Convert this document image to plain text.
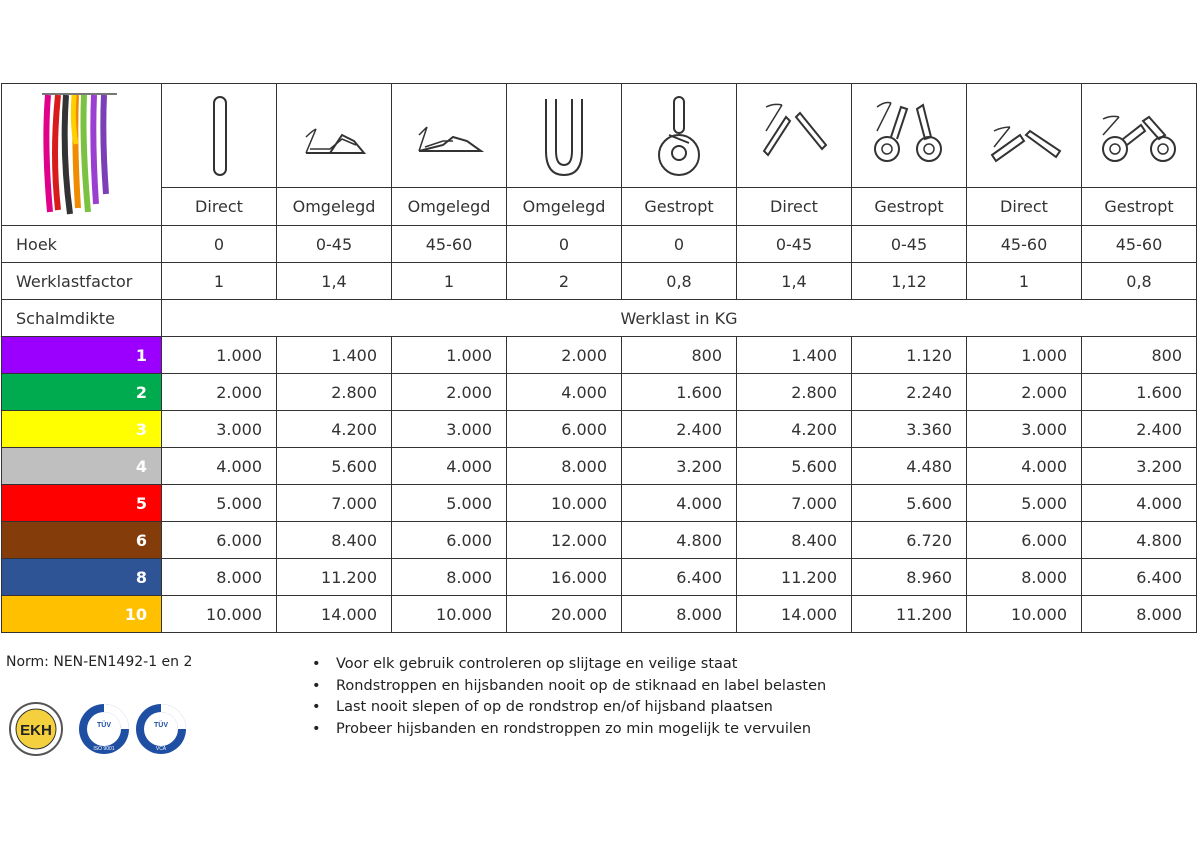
	Direct	Omgelegd	Omgelegd	Omgelegd	Gestropt	Direct	Gestropt	Direct	Gestropt
Hoek	0	0-45	45-60	0	0	0-45	0-45	45-60	45-60
Werklastfactor	1	1,4	1	2	0,8	1,4	1,12	1	0,8
Schalmdikte	Werklast in KG								
1	1.000	1.400	1.000	2.000	800	1.400	1.120	1.000	800
2	2.000	2.800	2.000	4.000	1.600	2.800	2.240	2.000	1.600
3	3.000	4.200	3.000	6.000	2.400	4.200	3.360	3.000	2.400
4	4.000	5.600	4.000	8.000	3.200	5.600	4.480	4.000	3.200
5	5.000	7.000	5.000	10.000	4.000	7.000	5.600	5.000	4.000
6	6.000	8.400	6.000	12.000	4.800	8.400	6.720	6.000	4.800
8	8.000	11.200	8.000	16.000	6.400	11.200	8.960	8.000	6.400
10	10.000	14.000	10.000	20.000	8.000	14.000	11.200	10.000	8.000
Norm: NEN-EN1492-1 en 2	• Voor elk gebruik controleren op slijtage en veilige staat
• Rondstroppen en hijsbanden nooit op de stiknaad en label belasten
• Last nooit slepen of op de rondstrop en/of hijsband plaatsen
• Probeer hijsbanden en rondstroppen zo min mogelijk te vervuilen
EKH	TÜV
ISO 9001
TÜV
VCA
